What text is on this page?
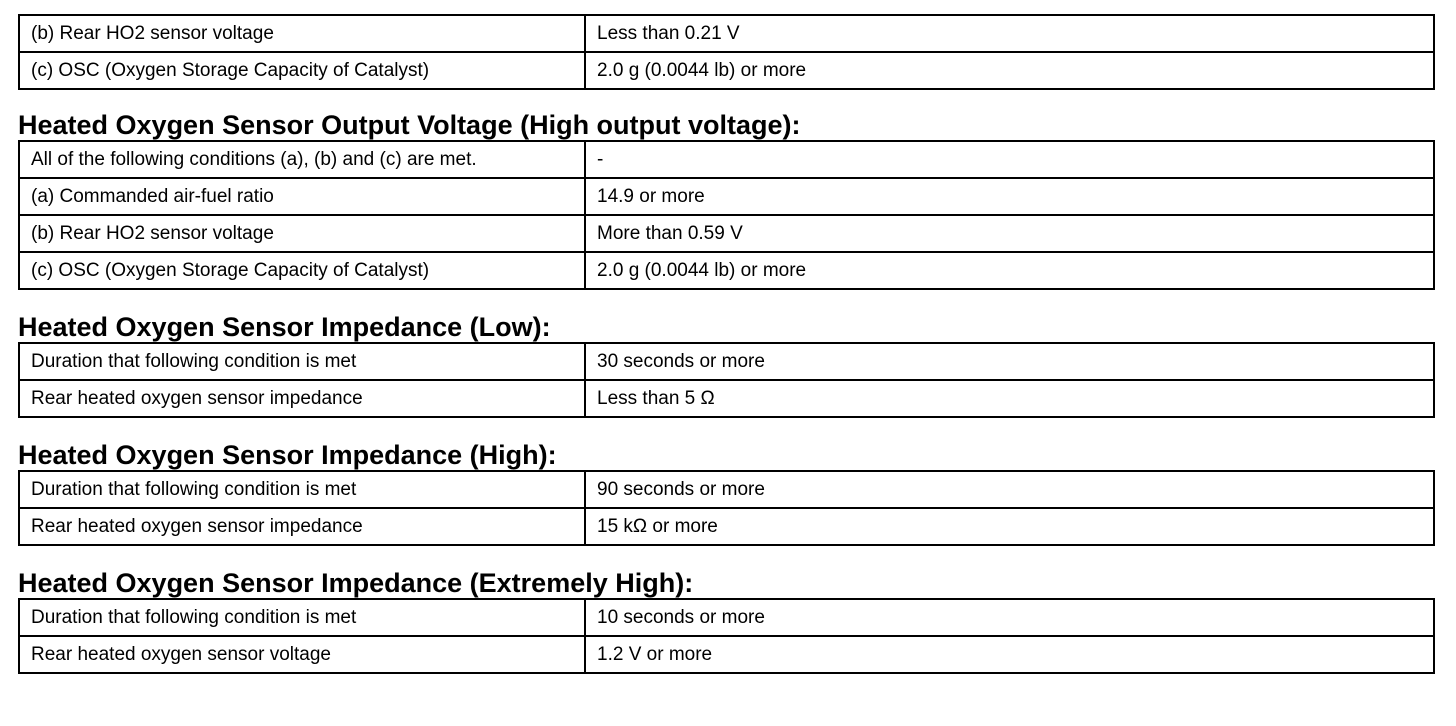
(b) Rear HO2 sensor voltage	Less than 0.21 V
(c) OSC (Oxygen Storage Capacity of Catalyst)	2.0 g (0.0044 lb) or more
Heated Oxygen Sensor Output Voltage (High output voltage):
All of the following conditions (a), (b) and (c) are met.	-
(a) Commanded air-fuel ratio	14.9 or more
(b) Rear HO2 sensor voltage	More than 0.59 V
(c) OSC (Oxygen Storage Capacity of Catalyst)	2.0 g (0.0044 lb) or more
Heated Oxygen Sensor Impedance (Low):
Duration that following condition is met	30 seconds or more
Rear heated oxygen sensor impedance	Less than 5 Ω
Heated Oxygen Sensor Impedance (High):
Duration that following condition is met	90 seconds or more
Rear heated oxygen sensor impedance	15 kΩ or more
Heated Oxygen Sensor Impedance (Extremely High):
Duration that following condition is met	10 seconds or more
Rear heated oxygen sensor voltage	1.2 V or more
